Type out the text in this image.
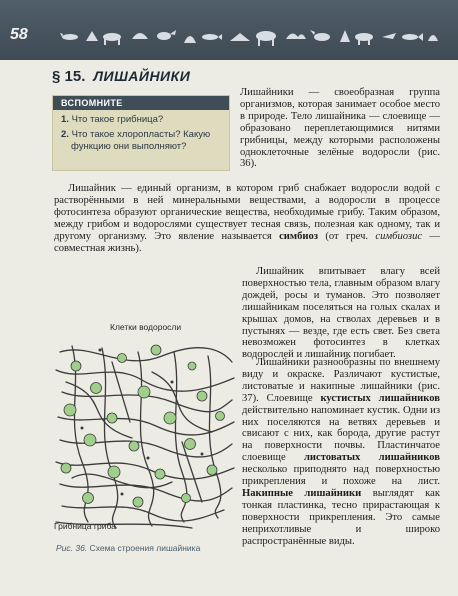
58
§ 15. ЛИШАЙНИКИ
ВСПОМНИТЕ
1. Что такое грибница?
2. Что такое хлоропласты? Какую функцию они выполняют?

Лишайники — своеобразная группа организмов, которая занимает особое место в природе. Тело лишайника — слоевище — образовано переплетающимися нитями грибницы, между которыми расположены одноклеточные зелёные водоросли (рис. 36).

Лишайник — единый организм, в котором гриб снабжает водоросли водой с растворёнными в ней минеральными веществами, а водоросли в процессе фотосинтеза образуют органические вещества, необходимые грибу. Таким образом, между грибом и водорослями существует тесная связь, полезная как одному, так и другому организму. Это явление называется симбиоз (от греч. симбиозис — совместная жизнь).

Лишайник впитывает влагу всей поверхностью тела, главным образом влагу дождей, росы и туманов. Это позволяет лишайникам поселяться на голых скалах и крышах домов, на стволах деревьев и в пустынях — везде, где есть свет. Без света невозможен фотосинтез в клетках водорослей и лишайник погибает.

Клетки водоросли
Грибница гриба
Рис. 36. Схема строения лишайника

Лишайники разнообразны по внешнему виду и окраске. Различают кустистые, листоватые и накипные лишайники (рис. 37). Слоевище кустистых лишайников действительно напоминает кустик. Одни из них поселяются на ветвях деревьев и свисают с них, как борода, другие растут на поверхности почвы. Пластинчатое слоевище листоватых лишайников несколько приподнято над поверхностью прикрепления и похоже на лист. Накипные лишайники выглядят как тонкая пластинка, тесно прирастающая к поверхности прикрепления. Это самые неприхотливые и широко распространённые виды.
